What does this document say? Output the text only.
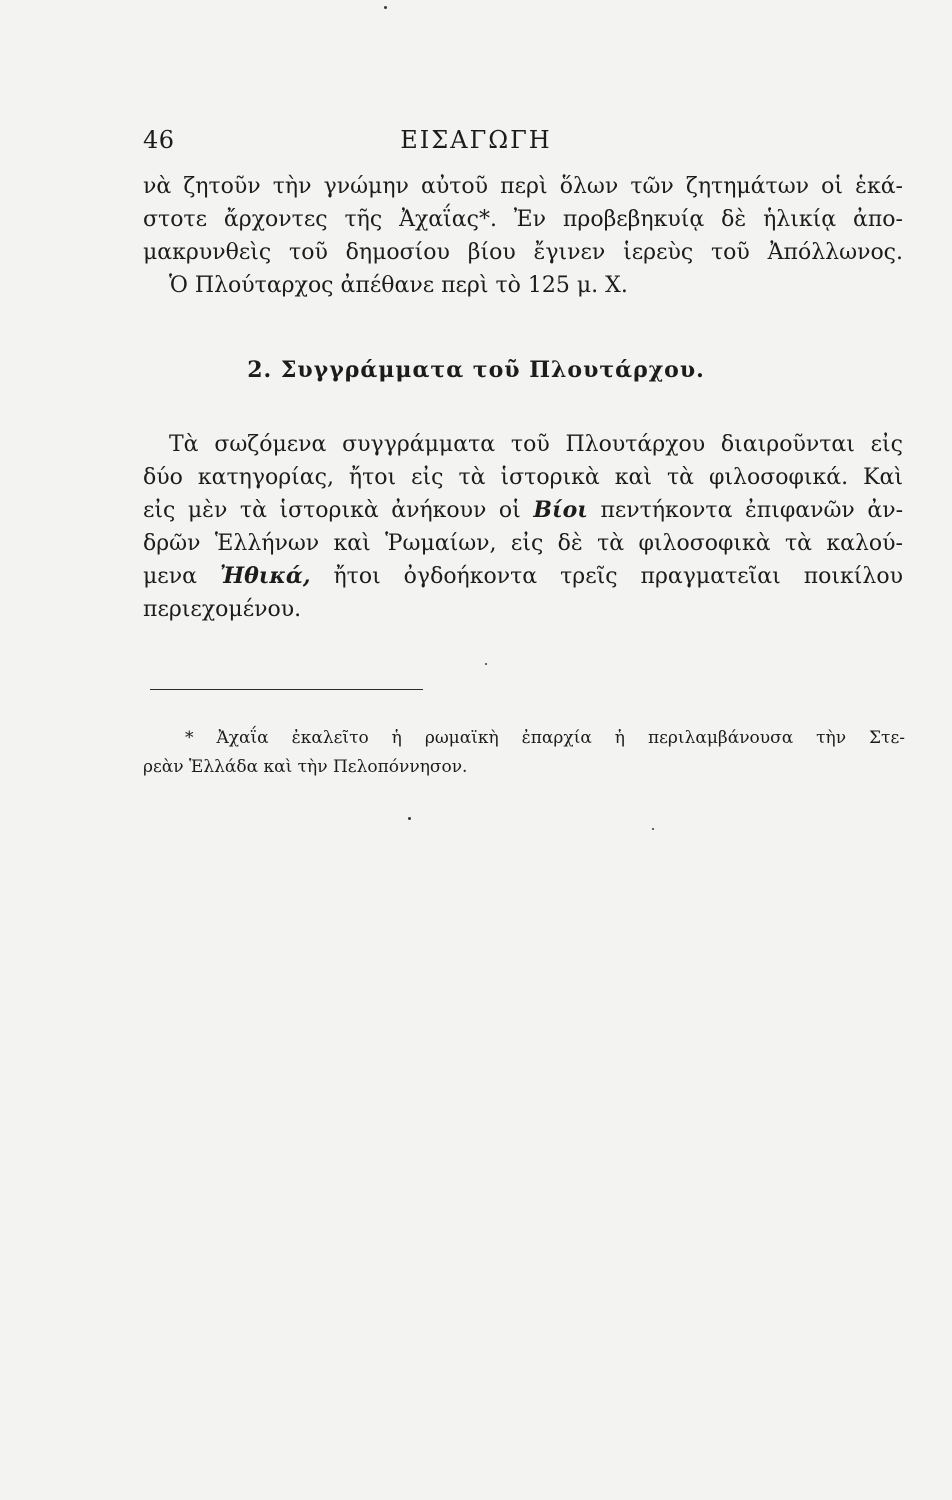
46	ΕΙΣΑΓΩΓΗ
νὰ ζητοῦν τὴν γνώμην αὐτοῦ περὶ ὅλων τῶν ζητημάτων οἱ ἑκά-
στοτε ἄρχοντες τῆς Ἀχαΐας*. Ἐν προβεβηκυίᾳ δὲ ἡλικίᾳ ἀπο-
μακρυνθεὶς τοῦ δημοσίου βίου ἔγινεν ἱερεὺς τοῦ Ἀπόλλωνος.
Ὁ Πλούταρχος ἀπέθανε περὶ τὸ 125 μ. Χ.
2. Συγγράμματα τοῦ Πλουτάρχου.
Τὰ σωζόμενα συγγράμματα τοῦ Πλουτάρχου διαιροῦνται εἰς
δύο κατηγορίας, ἤτοι εἰς τὰ ἱστορικὰ καὶ τὰ φιλοσοφικά. Καὶ
εἰς μὲν τὰ ἱστορικὰ ἀνήκουν οἱ Βίοι πεντήκοντα ἐπιφανῶν ἀν-
δρῶν Ἑλλήνων καὶ Ῥωμαίων, εἰς δὲ τὰ φιλοσοφικὰ τὰ καλού-
μενα Ἠθικά, ἤτοι ὀγδοήκοντα τρεῖς πραγματεῖαι ποικίλου
περιεχομένου.
* Ἀχαΐα ἐκαλεῖτο ἡ ρωμαϊκὴ ἐπαρχία ἡ περιλαμβάνουσα τὴν Στε-
ρεὰν Ἑλλάδα καὶ τὴν Πελοπόννησον.
